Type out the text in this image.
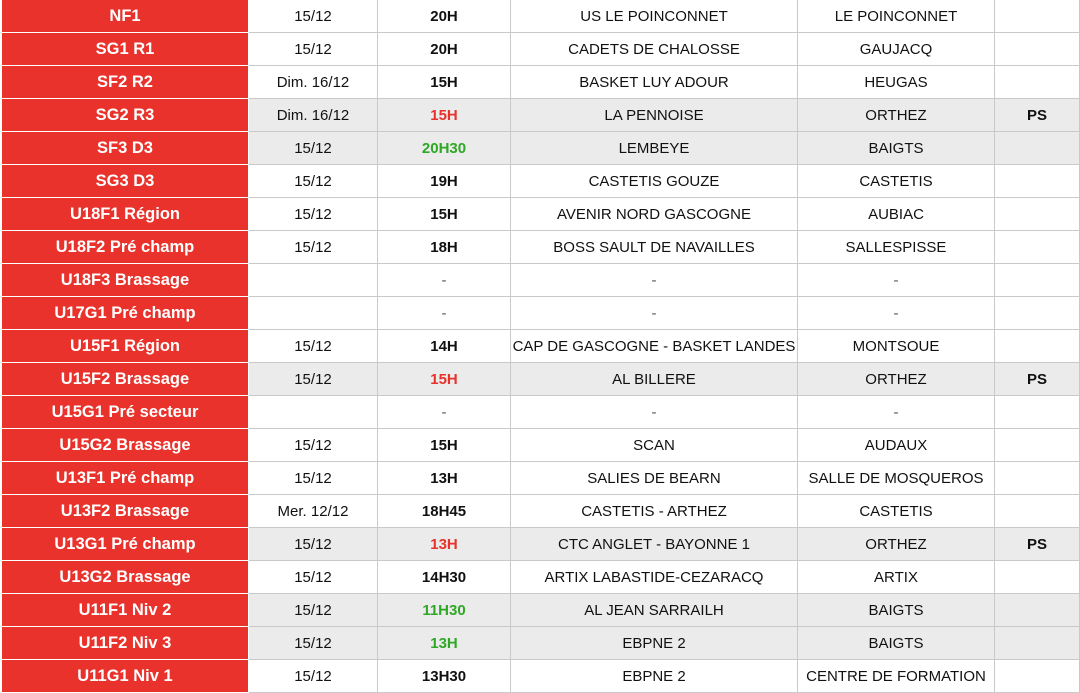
NF1	15/12	20H	US LE POINCONNET	LE POINCONNET	
SG1 R1	15/12	20H	CADETS DE CHALOSSE	GAUJACQ	
SF2 R2	Dim. 16/12	15H	BASKET LUY ADOUR	HEUGAS	
SG2 R3	Dim. 16/12	15H	LA PENNOISE	ORTHEZ	PS
SF3 D3	15/12	20H30	LEMBEYE	BAIGTS	
SG3 D3	15/12	19H	CASTETIS GOUZE	CASTETIS	
U18F1 Région	15/12	15H	AVENIR NORD GASCOGNE	AUBIAC	
U18F2 Pré champ	15/12	18H	BOSS SAULT DE NAVAILLES	SALLESPISSE	
U18F3 Brassage		-	-	-	
U17G1 Pré champ		-	-	-	
U15F1 Région	15/12	14H	CAP DE GASCOGNE - BASKET LANDES	MONTSOUE	
U15F2 Brassage	15/12	15H	AL BILLERE	ORTHEZ	PS
U15G1 Pré secteur		-	-	-	
U15G2 Brassage	15/12	15H	SCAN	AUDAUX	
U13F1 Pré champ	15/12	13H	SALIES DE BEARN	SALLE DE MOSQUEROS	
U13F2 Brassage	Mer. 12/12	18H45	CASTETIS - ARTHEZ	CASTETIS	
U13G1 Pré champ	15/12	13H	CTC ANGLET - BAYONNE 1	ORTHEZ	PS
U13G2 Brassage	15/12	14H30	ARTIX LABASTIDE-CEZARACQ	ARTIX	
U11F1 Niv 2	15/12	11H30	AL JEAN SARRAILH	BAIGTS	
U11F2 Niv 3	15/12	13H	EBPNE 2	BAIGTS	
U11G1 Niv 1	15/12	13H30	EBPNE 2	CENTRE DE FORMATION	
